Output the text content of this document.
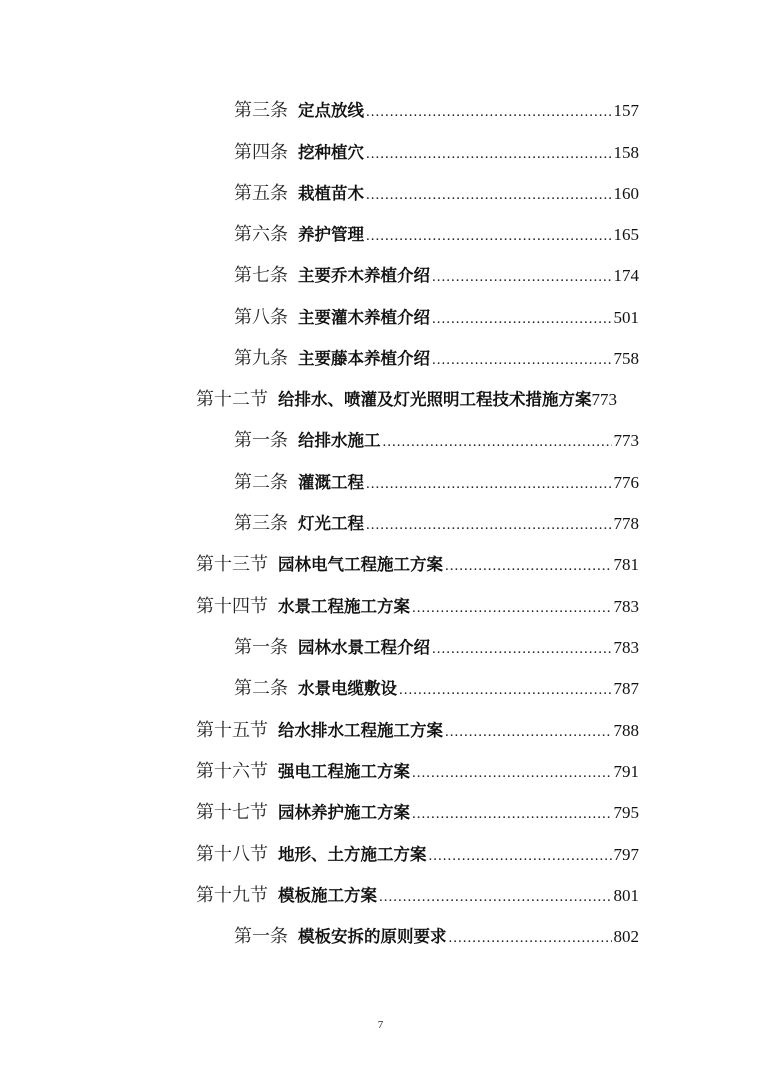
第三条 定点放线 .....	157
第四条 挖种植穴 .....	158
第五条 栽植苗木 .....	160
第六条 养护管理 .....	165
第七条 主要乔木养植介绍 .....	174
第八条 主要灌木养植介绍 .....	501
第九条 主要藤本养植介绍 .....	758
第十二节 给排水、喷灌及灯光照明工程技术措施方案 773
第一条 给排水施工 .....	773
第二条 灌溉工程 .....	776
第三条 灯光工程 .....	778
第十三节 园林电气工程施工方案 .....	781
第十四节 水景工程施工方案 .....	783
第一条 园林水景工程介绍 .....	783
第二条 水景电缆敷设 .....	787
第十五节 给水排水工程施工方案 .....	788
第十六节 强电工程施工方案 .....	791
第十七节 园林养护施工方案 .....	795
第十八节 地形、土方施工方案 .....	797
第十九节 模板施工方案 .....	801
第一条 模板安拆的原则要求 .....	802
7
